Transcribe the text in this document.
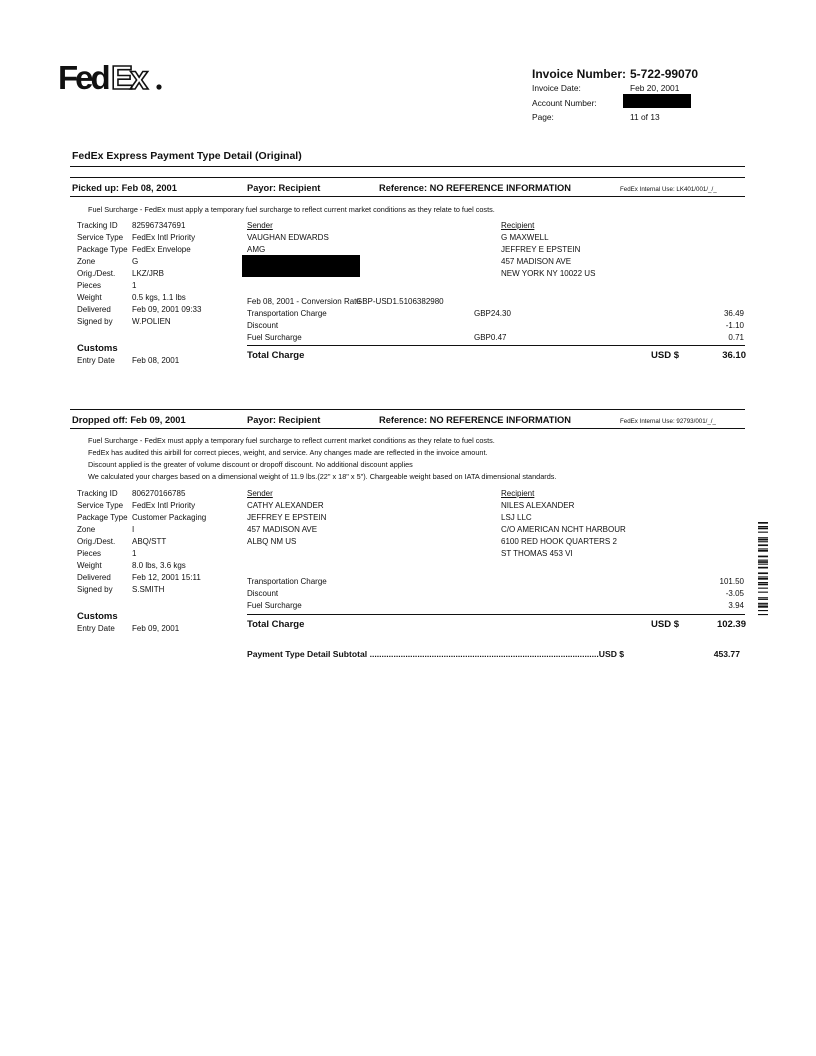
Fed Ex	Invoice Number: 5-722-99070
Invoice Date:	Feb 20, 2001
Account Number:
Page:	11 of 13
FedEx Express Payment Type Detail (Original)
Picked up: Feb 08, 2001	Payor: Recipient	Reference: NO REFERENCE INFORMATION	FedEx Internal Use: LK401/001/_/_
Fuel Surcharge - FedEx must apply a temporary fuel surcharge to reflect current market conditions as they relate to fuel costs.
Tracking ID 825967347691
Service Type FedEx Intl Priority
Package Type FedEx Envelope
Zone	G
Orig./Dest. LKZ/JRB
Pieces	1
Weight	0.5 kgs, 1.1 lbs
Delivered	Feb 09, 2001 09:33
Signed by W.POLIEN
Customs
Entry Date Feb 08, 2001
Sender
VAUGHAN EDWARDS
AMG
Recipient
G MAXWELL
JEFFREY E EPSTEIN
457 MADISON AVE
NEW YORK NY 10022 US
Feb 08, 2001 - Conversion Rate
GBP-USD1.5106382980
Transportation Charge	GBP24.30	36.49
Discount	-1.10
Fuel Surcharge	GBP0.47	0.71
Total Charge	USD $	36.10
Dropped off: Feb 09, 2001	Payor: Recipient	Reference: NO REFERENCE INFORMATION	FedEx Internal Use: 92793/001/_/_
Fuel Surcharge - FedEx must apply a temporary fuel surcharge to reflect current market conditions as they relate to fuel costs.
FedEx has audited this airbill for correct pieces, weight, and service. Any changes made are reflected in the invoice amount.
Discount applied is the greater of volume discount or dropoff discount. No additional discount applies
We calculated your charges based on a dimensional weight of 11.9 lbs.(22" x 18" x 5"). Chargeable weight based on IATA dimensional standards.
Tracking ID 806270166785
Service Type FedEx Intl Priority
Package Type Customer Packaging
Zone	I
Orig./Dest. ABQ/STT
Pieces	1
Weight	8.0 lbs, 3.6 kgs
Delivered	Feb 12, 2001 15:11
Signed by S.SMITH
Customs
Entry Date Feb 09, 2001
Sender
CATHY ALEXANDER
JEFFREY E EPSTEIN
457 MADISON AVE
ALBQ NM US
Recipient
NILES ALEXANDER
LSJ LLC
C/O AMERICAN NCHT HARBOUR
6100 RED HOOK QUARTERS 2
ST THOMAS 453 VI
Transportation Charge	101.50
Discount	-3.05
Fuel Surcharge	3.94
Total Charge	USD $	102.39
Payment Type Detail Subtotal ................................................................................................USD $	453.77
